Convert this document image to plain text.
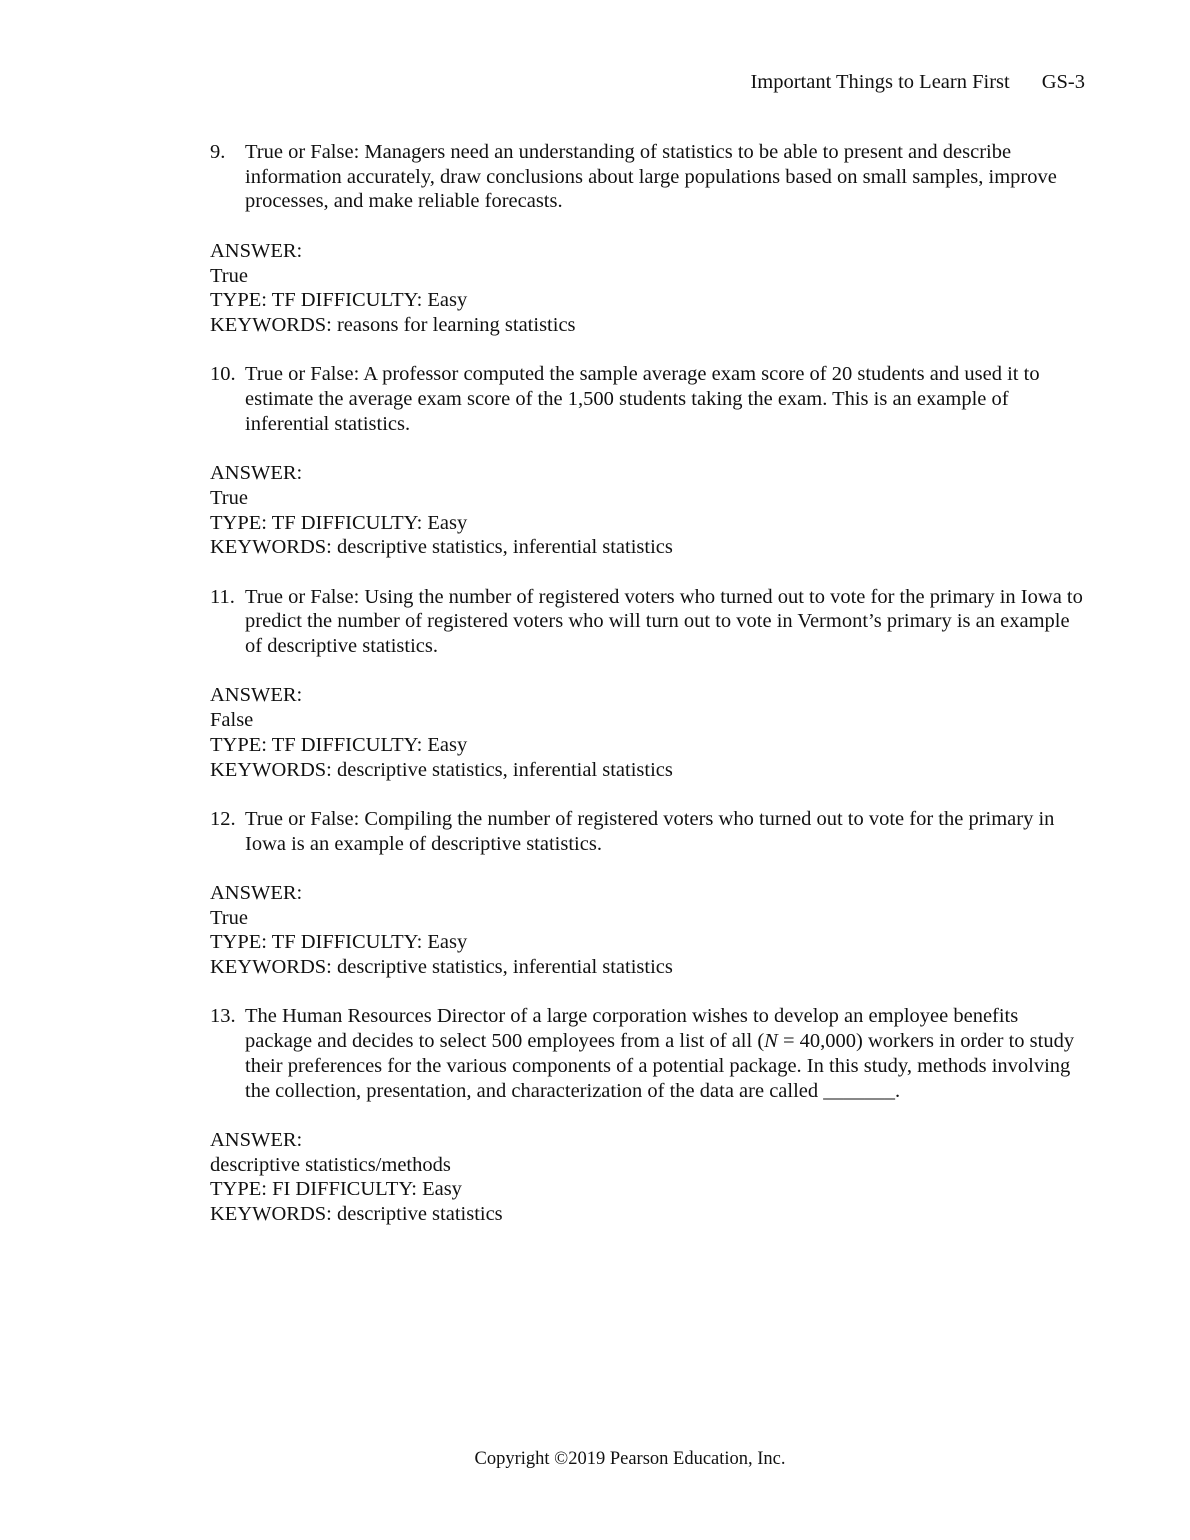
Important Things to Learn First GS-3
9. True or False: Managers need an understanding of statistics to be able to present and describe information accurately, draw conclusions about large populations based on small samples, improve processes, and make reliable forecasts.
ANSWER:
True
TYPE: TF DIFFICULTY: Easy
KEYWORDS: reasons for learning statistics
10. True or False: A professor computed the sample average exam score of 20 students and used it to estimate the average exam score of the 1,500 students taking the exam. This is an example of inferential statistics.
ANSWER:
True
TYPE: TF DIFFICULTY: Easy
KEYWORDS: descriptive statistics, inferential statistics
11. True or False: Using the number of registered voters who turned out to vote for the primary in Iowa to predict the number of registered voters who will turn out to vote in Vermont’s primary is an example of descriptive statistics.
ANSWER:
False
TYPE: TF DIFFICULTY: Easy
KEYWORDS: descriptive statistics, inferential statistics
12. True or False: Compiling the number of registered voters who turned out to vote for the primary in Iowa is an example of descriptive statistics.
ANSWER:
True
TYPE: TF DIFFICULTY: Easy
KEYWORDS: descriptive statistics, inferential statistics
13. The Human Resources Director of a large corporation wishes to develop an employee benefits package and decides to select 500 employees from a list of all (N = 40,000) workers in order to study their preferences for the various components of a potential package. In this study, methods involving the collection, presentation, and characterization of the data are called _______.
ANSWER:
descriptive statistics/methods
TYPE: FI DIFFICULTY: Easy
KEYWORDS: descriptive statistics
Copyright ©2019 Pearson Education, Inc.
